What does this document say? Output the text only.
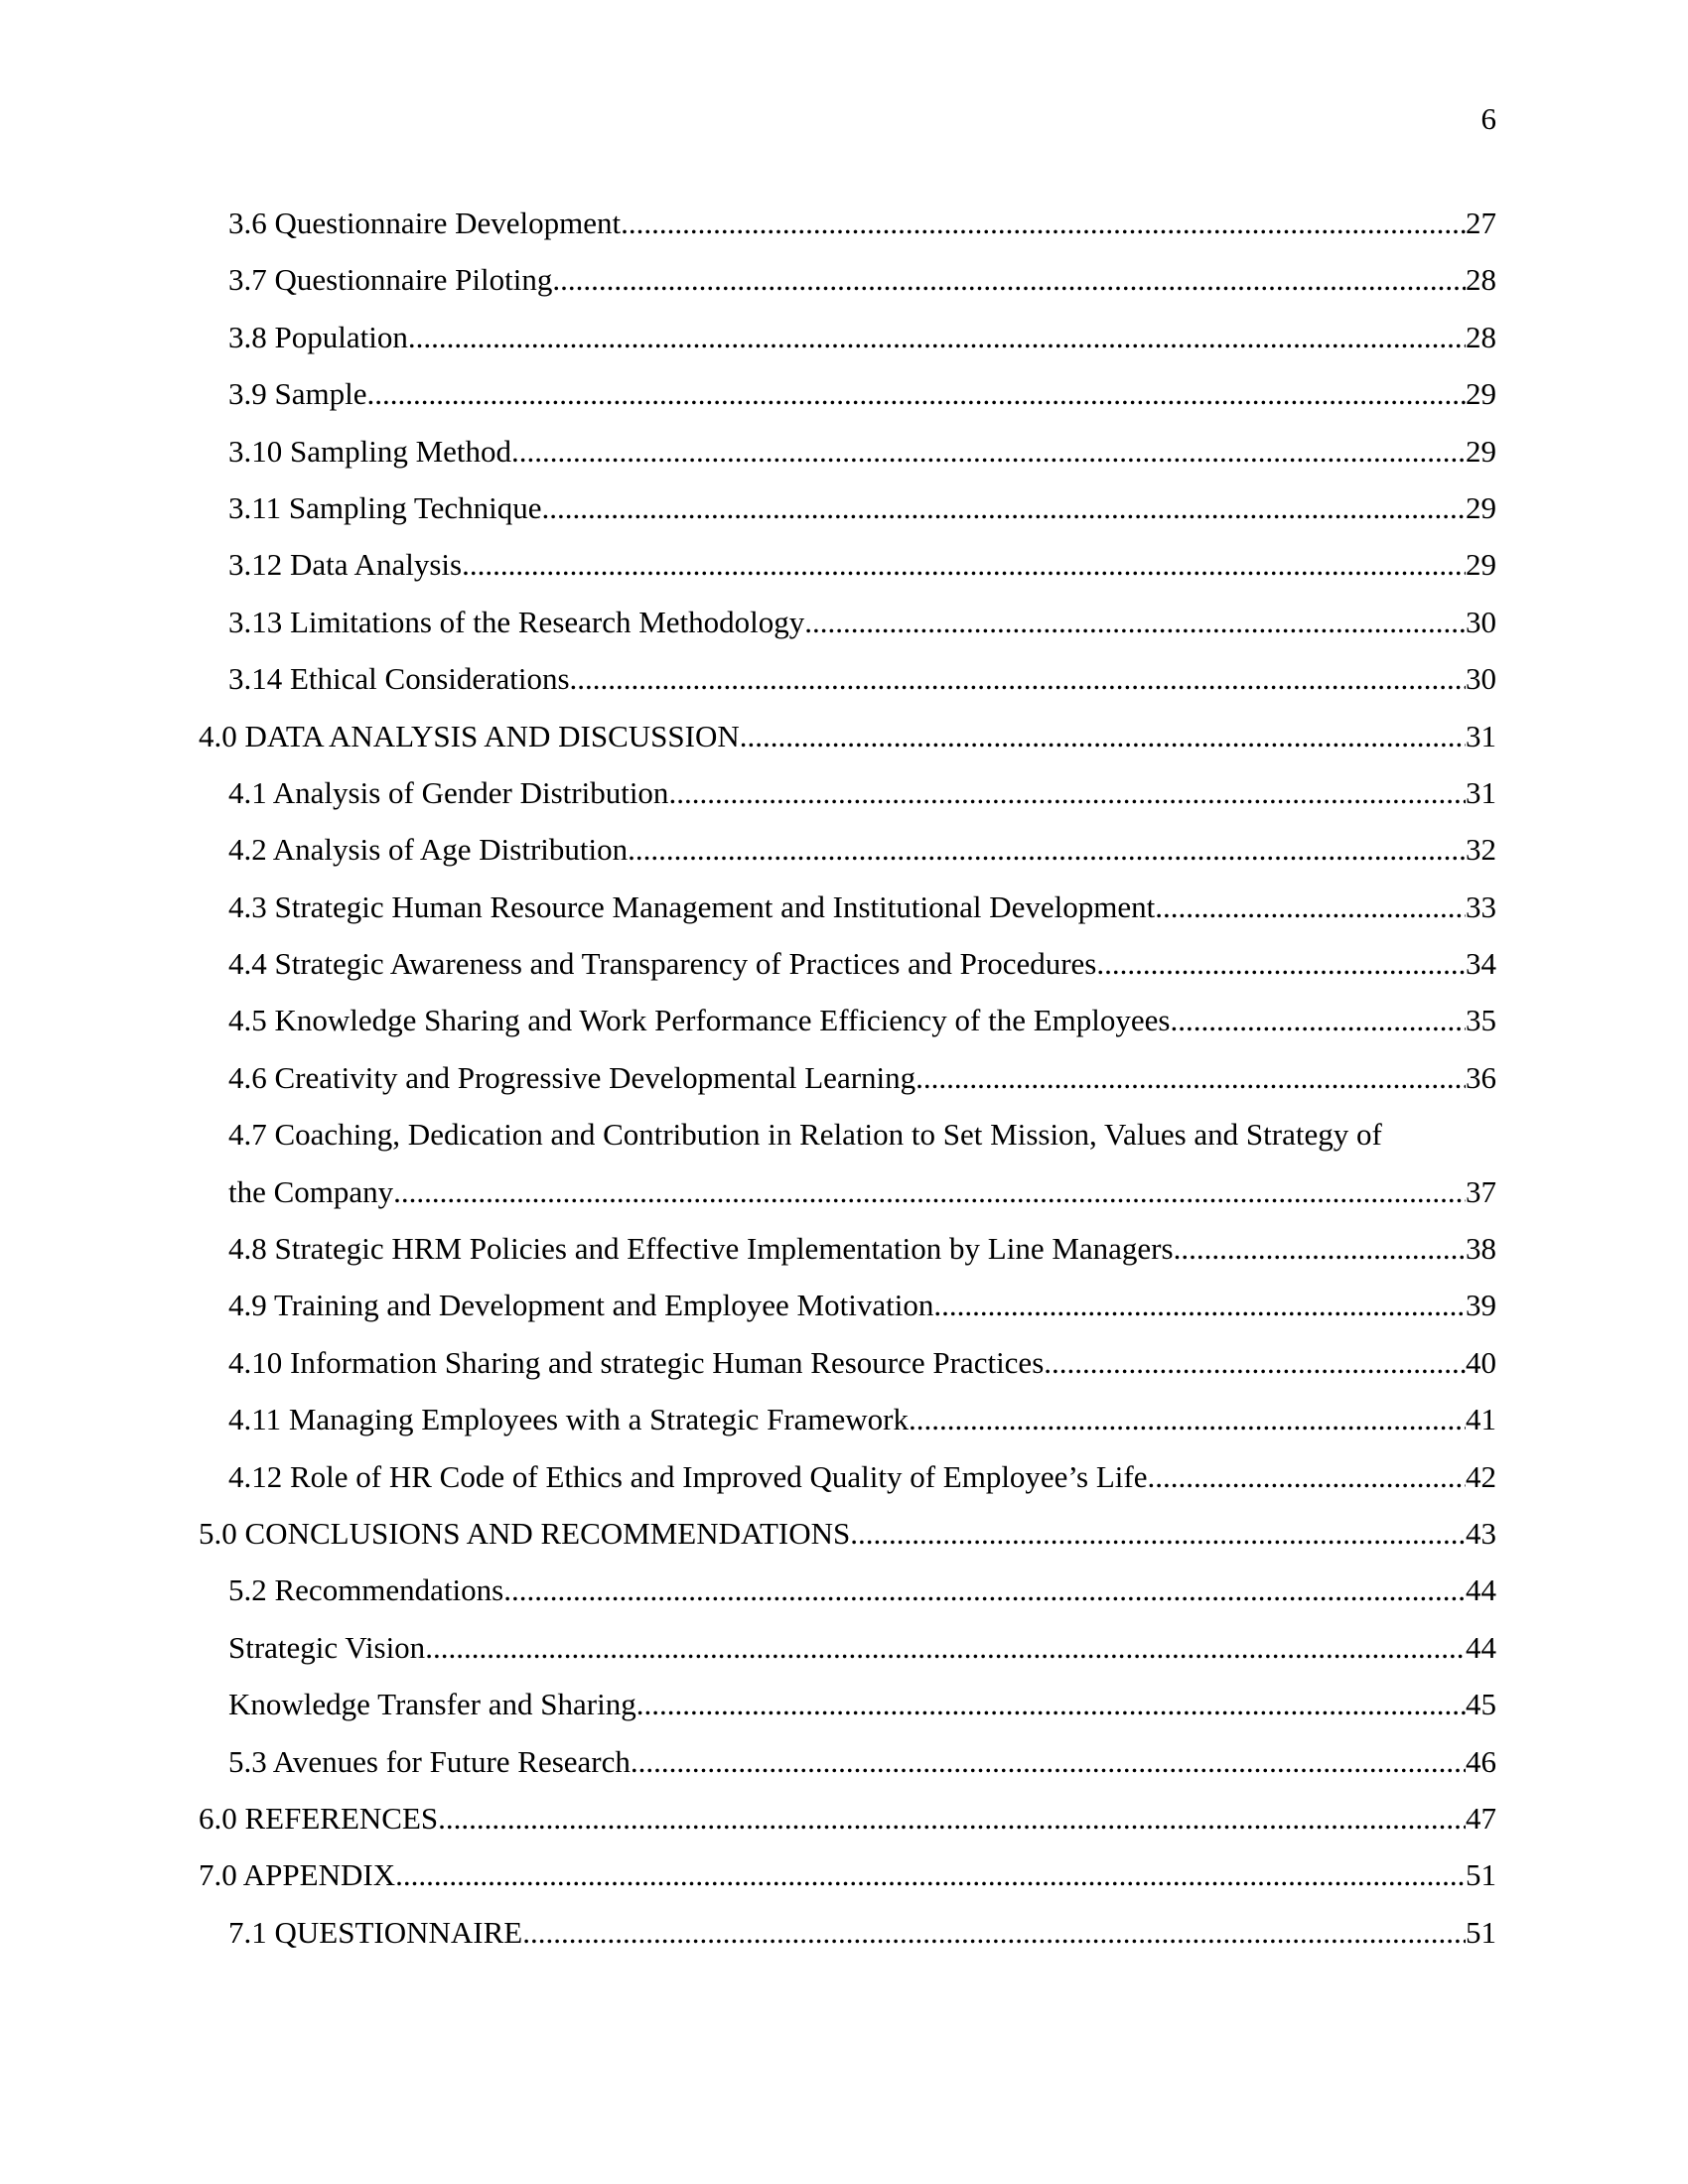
6
3.6 Questionnaire Development .....	27
3.7 Questionnaire Piloting .....	28
3.8 Population .....	28
3.9 Sample .....	29
3.10 Sampling Method .....	29
3.11 Sampling Technique .....	29
3.12 Data Analysis .....	29
3.13 Limitations of the Research Methodology .....	30
3.14 Ethical Considerations .....	30
4.0 DATA ANALYSIS AND DISCUSSION .....	31
4.1 Analysis of Gender Distribution .....	31
4.2 Analysis of Age Distribution .....	32
4.3 Strategic Human Resource Management and Institutional Development .....	33
4.4 Strategic Awareness and Transparency of Practices and Procedures .....	34
4.5 Knowledge Sharing and Work Performance Efficiency of the Employees .....	35
4.6 Creativity and Progressive Developmental Learning .....	36
4.7 Coaching, Dedication and Contribution in Relation to Set Mission, Values and Strategy of
the Company .....	37
4.8 Strategic HRM Policies and Effective Implementation by Line Managers .....	38
4.9 Training and Development and Employee Motivation .....	39
4.10 Information Sharing and strategic Human Resource Practices .....	40
4.11 Managing Employees with a Strategic Framework .....	41
4.12 Role of HR Code of Ethics and Improved Quality of Employee’s Life .....	42
5.0 CONCLUSIONS AND RECOMMENDATIONS .....	43
5.2 Recommendations .....	44
Strategic Vision .....	44
Knowledge Transfer and Sharing .....	45
5.3 Avenues for Future Research .....	46
6.0 REFERENCES .....	47
7.0 APPENDIX .....	51
7.1 QUESTIONNAIRE .....	51
